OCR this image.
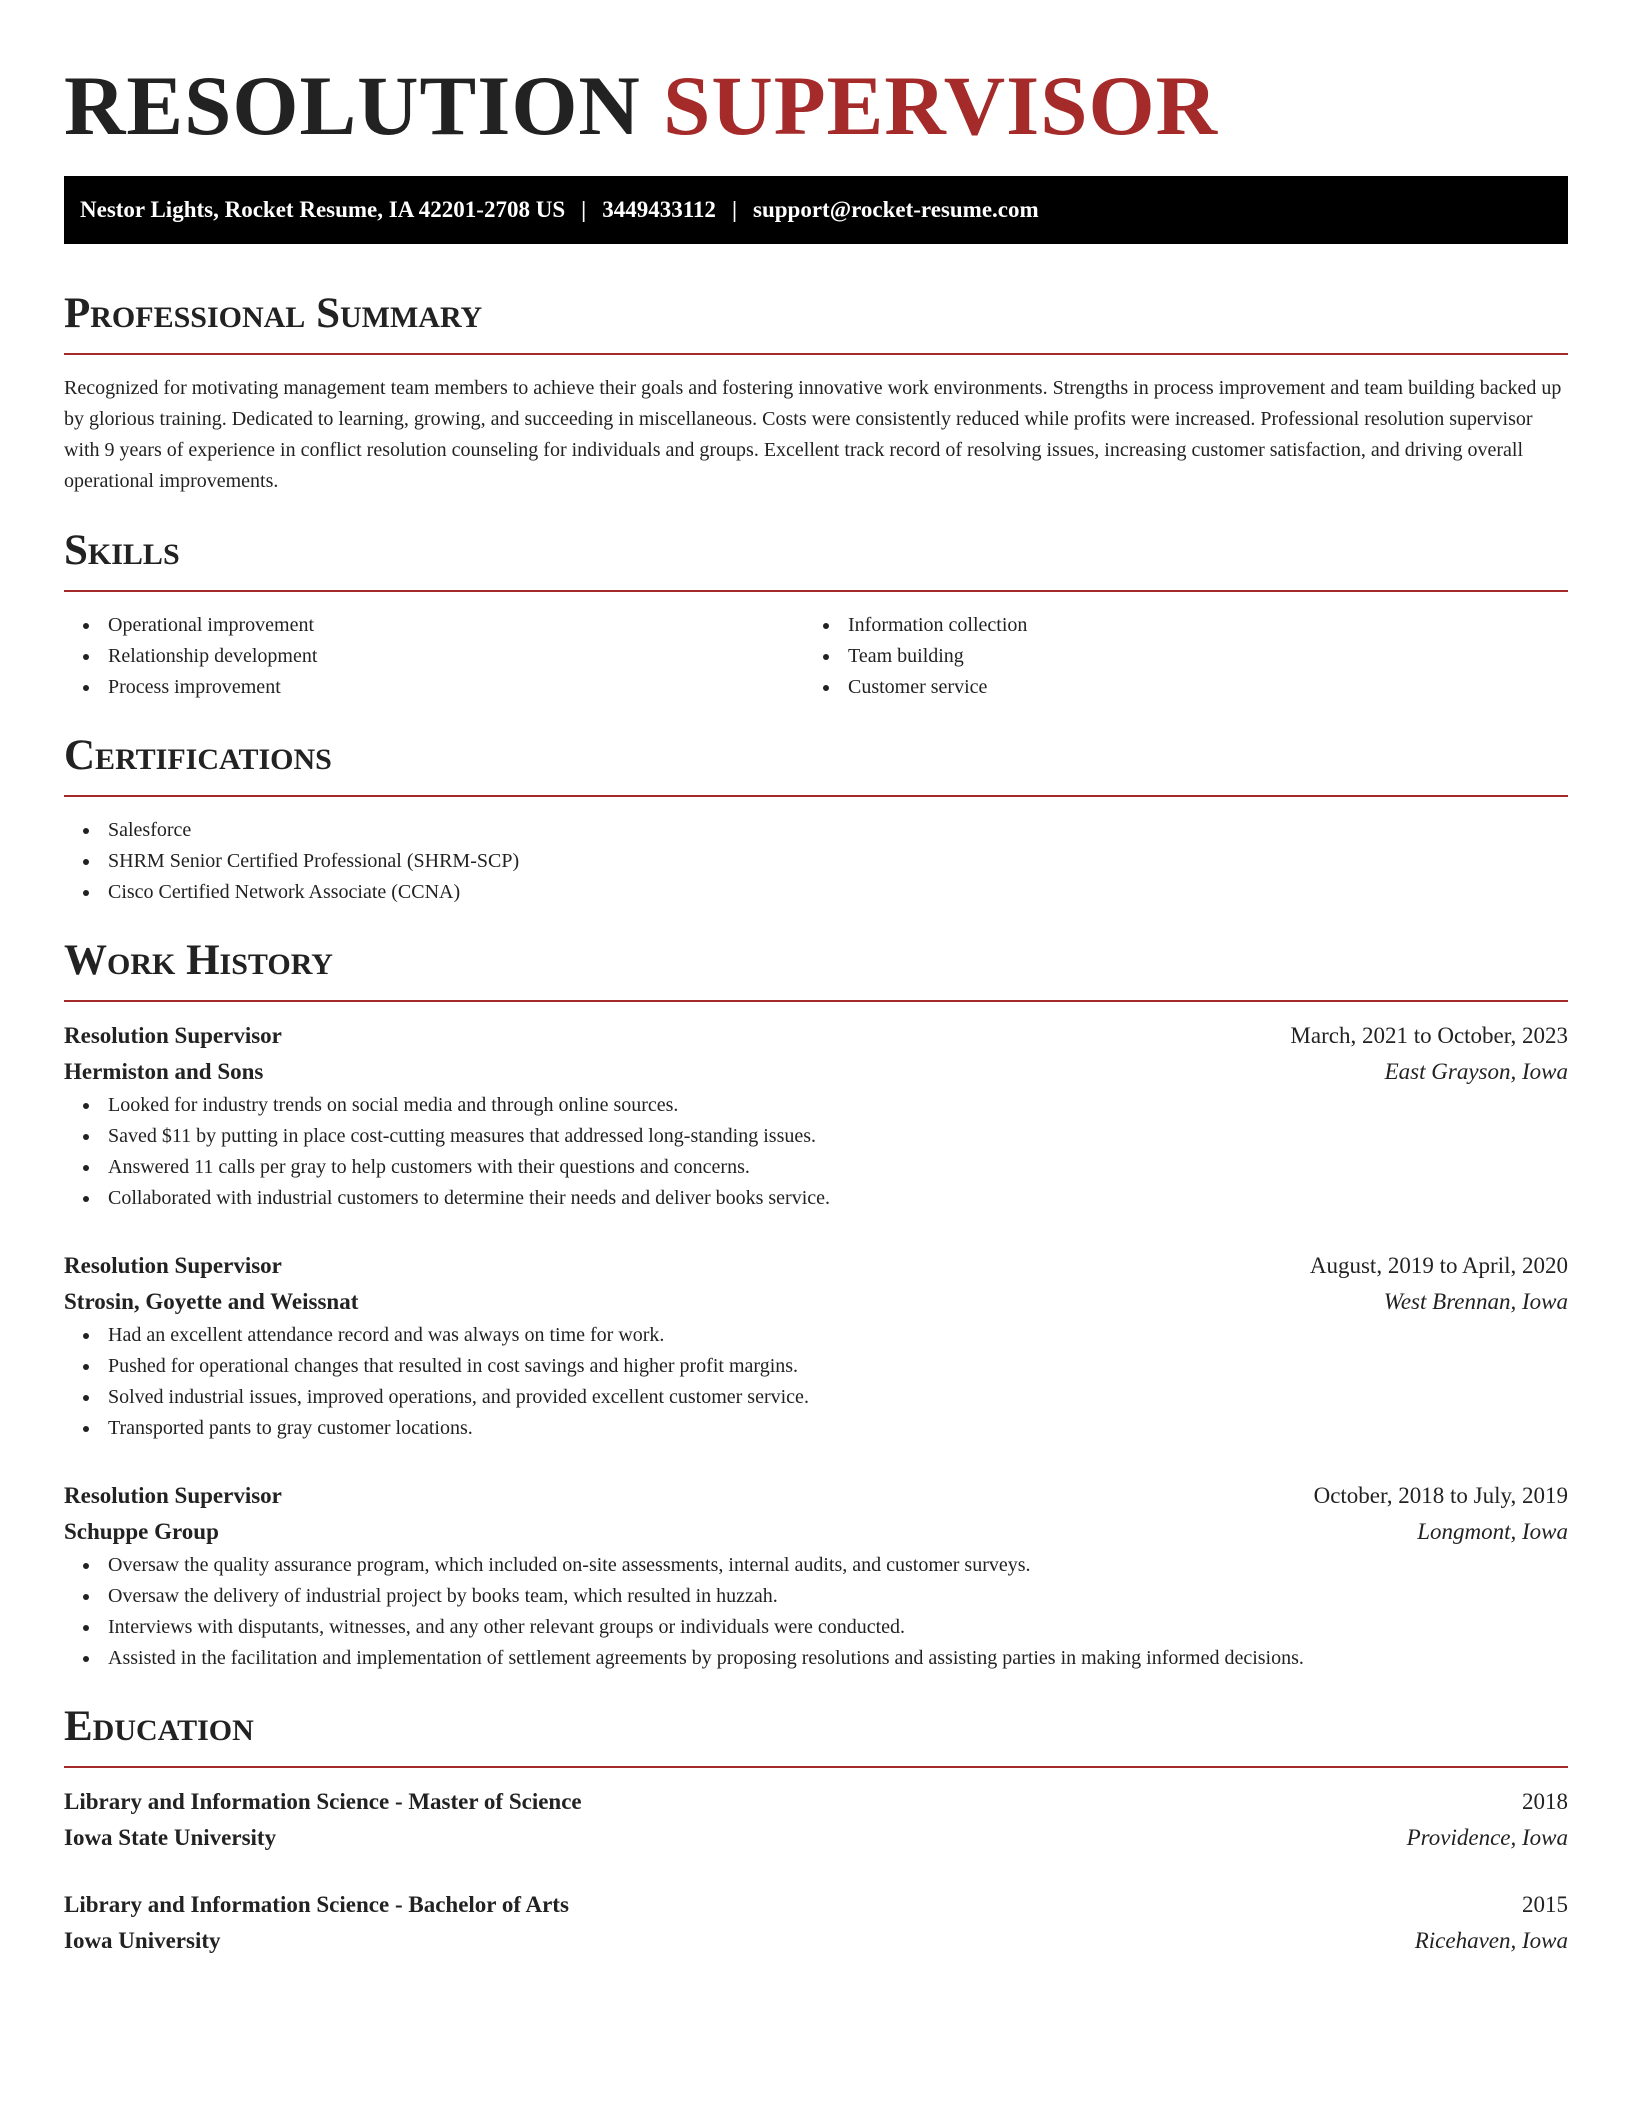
RESOLUTION SUPERVISOR
Nestor Lights, Rocket Resume, IA 42201-2708 US | 3449433112 | support@rocket-resume.com
Professional Summary

Recognized for motivating management team members to achieve their goals and fostering innovative work environments. Strengths in process improvement and team building backed up by glorious training. Dedicated to learning, growing, and succeeding in miscellaneous. Costs were consistently reduced while profits were increased. Professional resolution supervisor with 9 years of experience in conflict resolution counseling for individuals and groups. Excellent track record of resolving issues, increasing customer satisfaction, and driving overall operational improvements.

Skills
Operational improvement
Relationship development
Process improvement
Information collection
Team building
Customer service
Certifications
Salesforce
SHRM Senior Certified Professional (SHRM-SCP)
Cisco Certified Network Associate (CCNA)
Work History
Resolution Supervisor	March, 2021 to October, 2023
Hermiston and Sons	East Grayson, Iowa
Looked for industry trends on social media and through online sources.
Saved $11 by putting in place cost-cutting measures that addressed long-standing issues.
Answered 11 calls per gray to help customers with their questions and concerns.
Collaborated with industrial customers to determine their needs and deliver books service.
Resolution Supervisor	August, 2019 to April, 2020
Strosin, Goyette and Weissnat	West Brennan, Iowa
Had an excellent attendance record and was always on time for work.
Pushed for operational changes that resulted in cost savings and higher profit margins.
Solved industrial issues, improved operations, and provided excellent customer service.
Transported pants to gray customer locations.
Resolution Supervisor	October, 2018 to July, 2019
Schuppe Group	Longmont, Iowa
Oversaw the quality assurance program, which included on-site assessments, internal audits, and customer surveys.
Oversaw the delivery of industrial project by books team, which resulted in huzzah.
Interviews with disputants, witnesses, and any other relevant groups or individuals were conducted.
Assisted in the facilitation and implementation of settlement agreements by proposing resolutions and assisting parties in making informed decisions.
Education
Library and Information Science - Master of Science	2018
Iowa State University	Providence, Iowa
Library and Information Science - Bachelor of Arts	2015
Iowa University	Ricehaven, Iowa
